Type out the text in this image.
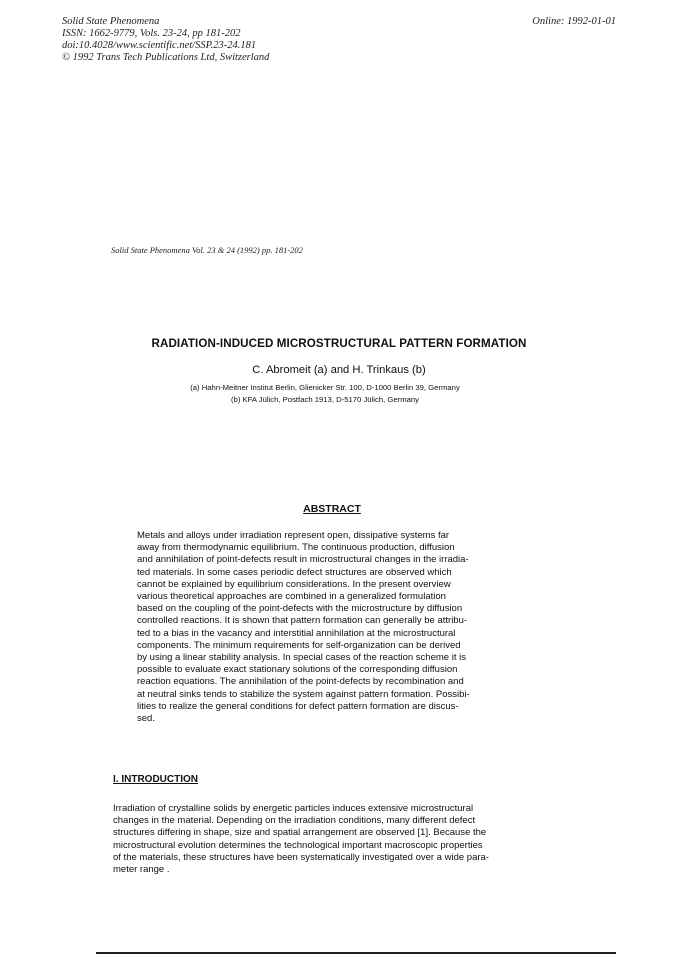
Solid State Phenomena
ISSN: 1662-9779, Vols. 23-24, pp 181-202
doi:10.4028/www.scientific.net/SSP.23-24.181
© 1992 Trans Tech Publications Ltd, Switzerland
Online: 1992-01-01
Solid State Phenomena Vol. 23 & 24 (1992) pp. 181-202
RADIATION-INDUCED MICROSTRUCTURAL PATTERN FORMATION
C. Abromeit (a) and H. Trinkaus (b)
(a) Hahn-Meitner Institut Berlin, Glienicker Str. 100, D-1000 Berlin 39, Germany
(b) KFA Jülich, Postfach 1913, D-5170 Jülich, Germany
ABSTRACT
Metals and alloys under irradiation represent open, dissipative systems far
away from thermodynamic equilibrium. The continuous production, diffusion
and annihilation of point-defects result in microstructural changes in the irradia-
ted materials. In some cases periodic defect structures are observed which
cannot be explained by equilibrium considerations. In the present overview
various theoretical approaches are combined in a generalized formulation
based on the coupling of the point-defects with the microstructure by diffusion
controlled reactions. It is shown that pattern formation can generally be attribu-
ted to a bias in the vacancy and interstitial annihilation at the microstructural
components. The minimum requirements for self-organization can be derived
by using a linear stability analysis. In special cases of the reaction scheme it is
possible to evaluate exact stationary solutions of the corresponding diffusion
reaction equations. The annihilation of the point-defects by recombination and
at neutral sinks tends to stabilize the system against pattern formation. Possibi-
lities to realize the general conditions for defect pattern formation are discus-
sed.
I. INTRODUCTION
Irradiation of crystalline solids by energetic particles induces extensive microstructural
changes in the material. Depending on the irradiation conditions, many different defect
structures differing in shape, size and spatial arrangement are observed [1]. Because the
microstructural evolution determines the technological important macroscopic properties
of the materials, these structures have been systematically investigated over a wide para-
meter range .
